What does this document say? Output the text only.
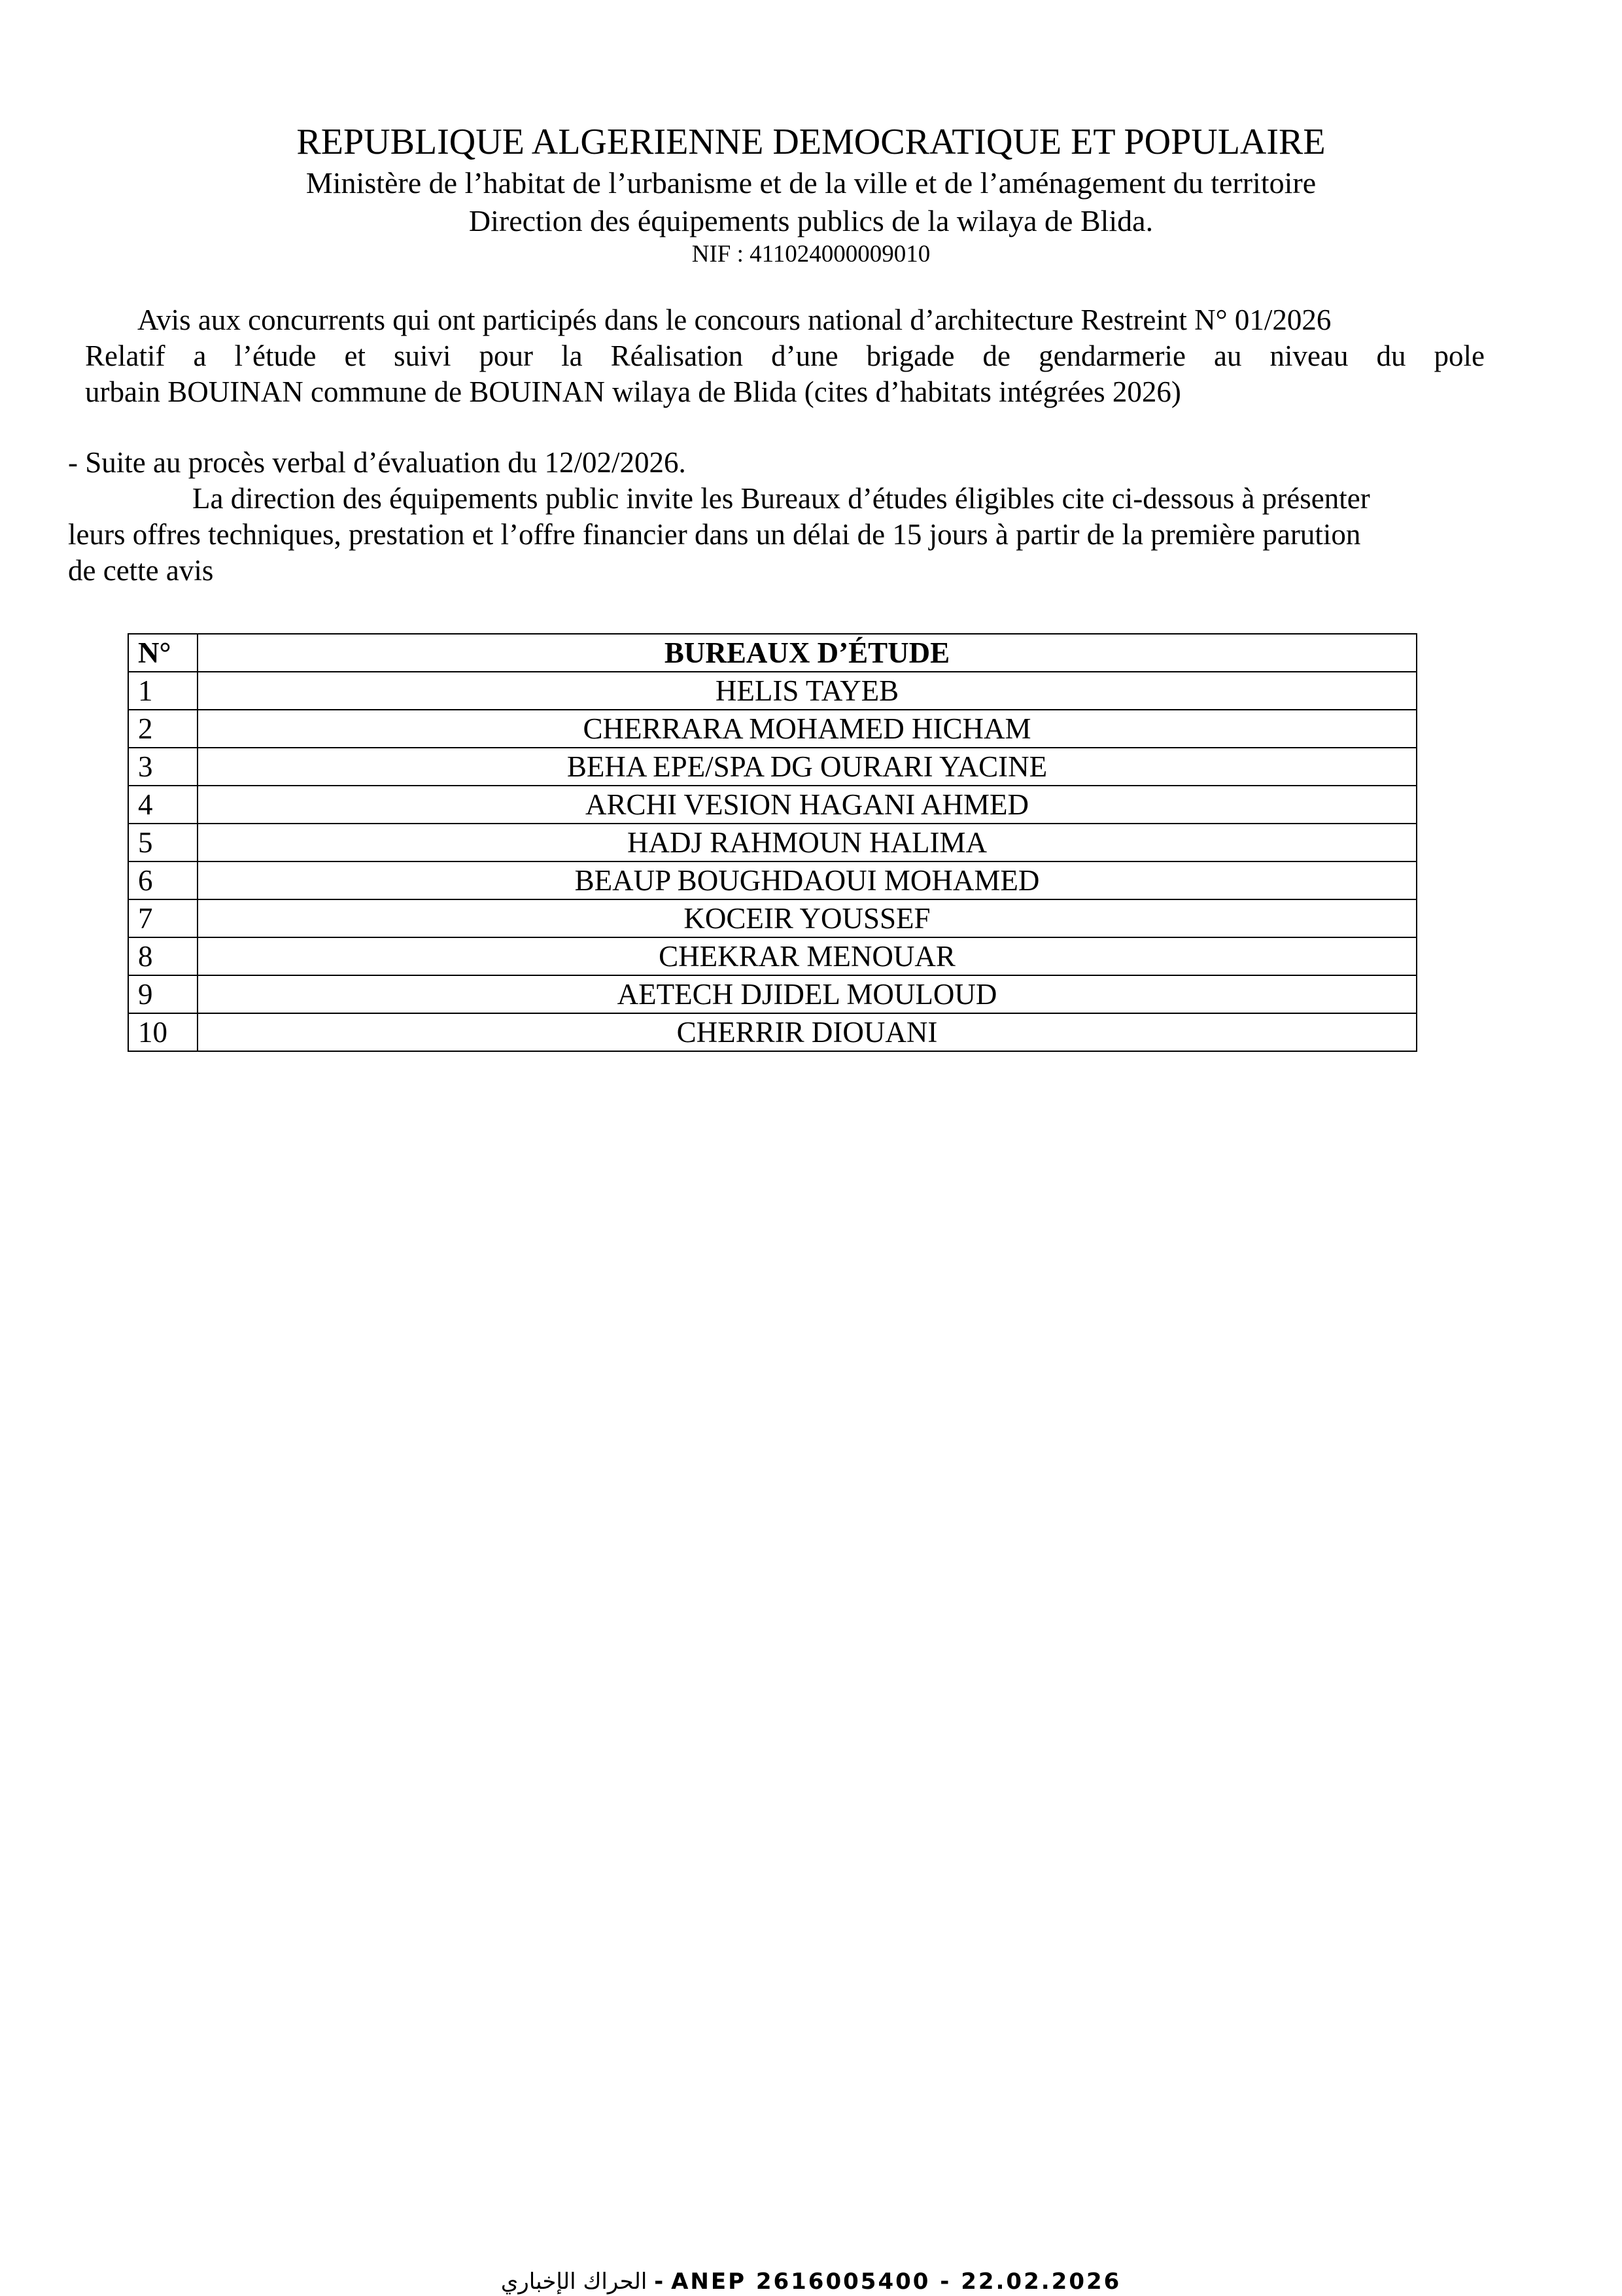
REPUBLIQUE ALGERIENNE DEMOCRATIQUE ET POPULAIRE

Ministère de l’habitat de l’urbanisme et de la ville et de l’aménagement du territoire

Direction des équipements publics de la wilaya de Blida.

NIF : 411024000009010

Avis aux concurrents qui ont participés dans le concours national d’architecture Restreint N° 01/2026
Relatif a l’étude et suivi pour la Réalisation d’une brigade de gendarmerie au niveau du pole
urbain BOUINAN commune de BOUINAN wilaya de Blida (cites d’habitats intégrées 2026)
- Suite au procès verbal d’évaluation du 12/02/2026.
La direction des équipements public invite les Bureaux d’études éligibles cite ci-dessous à présenter
leurs offres techniques, prestation et l’offre financier dans un délai de 15 jours à partir de la première parution
de cette avis
N°	BUREAUX D’ÉTUDE
1	HELIS TAYEB
2	CHERRARA MOHAMED HICHAM
3	BEHA EPE/SPA DG OURARI YACINE
4	ARCHI VESION HAGANI AHMED
5	HADJ RAHMOUN HALIMA
6	BEAUP BOUGHDAOUI MOHAMED
7	KOCEIR YOUSSEF
8	CHEKRAR MENOUAR
9	AETECH DJIDEL MOULOUD
10	CHERRIR DIOUANI
الحراك الإخباري - ANEP 2616005400 - 22.02.2026
